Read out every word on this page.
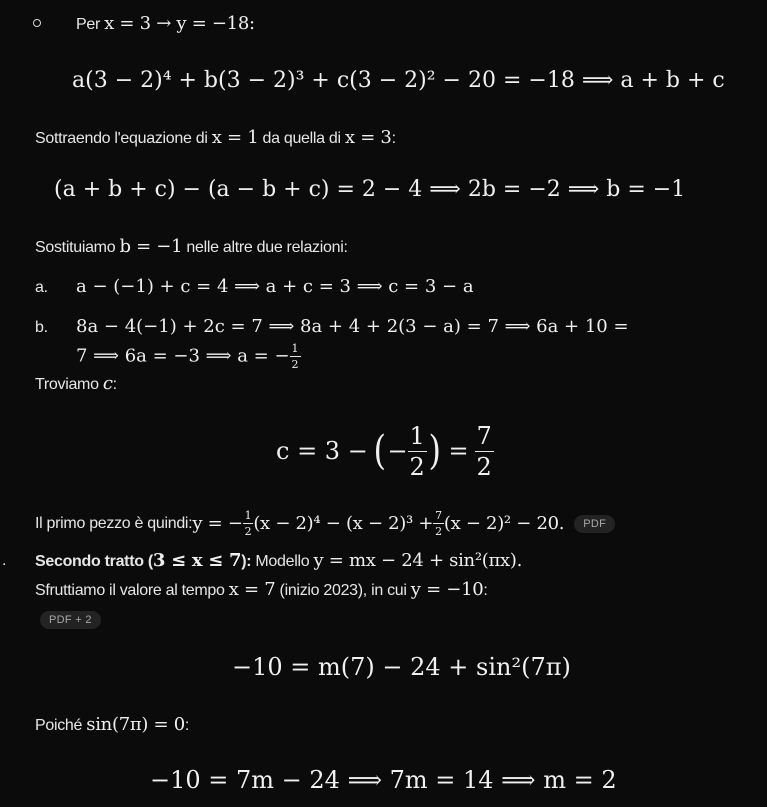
Per x = 3 → y = −18:
a(3 − 2)⁴ + b(3 − 2)³ + c(3 − 2)² − 20 = −18 ⟹ a + b + c
Sottraendo l'equazione di x = 1 da quella di x = 3:
(a + b + c) − (a − b + c) = 2 − 4 ⟹ 2b = −2 ⟹ b = −1
Sostituiamo b = −1 nelle altre due relazioni:
a. a − (−1) + c = 4 ⟹ a + c = 3 ⟹ c = 3 − a
b. 8a − 4(−1) + 2c = 7 ⟹ 8a + 4 + 2(3 − a) = 7 ⟹ 6a + 10 =
7 ⟹ 6a = −3 ⟹ a = − $\frac{1}{2}$
Troviamo c:
c = 3 − ( − $\frac{1}{2}$ ) = $\frac{7}{2}$
Il primo pezzo è quindi: y = − $\frac{1}{2} (x - 2)^4 - (x - 2)^3 + \frac{7}{2} (x - 2)^2 - 20$.	PDF
. Secondo tratto (3 ≤ x ≤ 7): Modello y = mx − 24 + sin²(πx).
Sfruttiamo il valore al tempo x = 7 (inizio 2023), in cui y = −10:
PDF + 2
−10 = m(7) − 24 + sin²(7π)
Poiché sin(7π) = 0:
−10 = 7m − 24 ⟹ 7m = 14 ⟹ m = 2
